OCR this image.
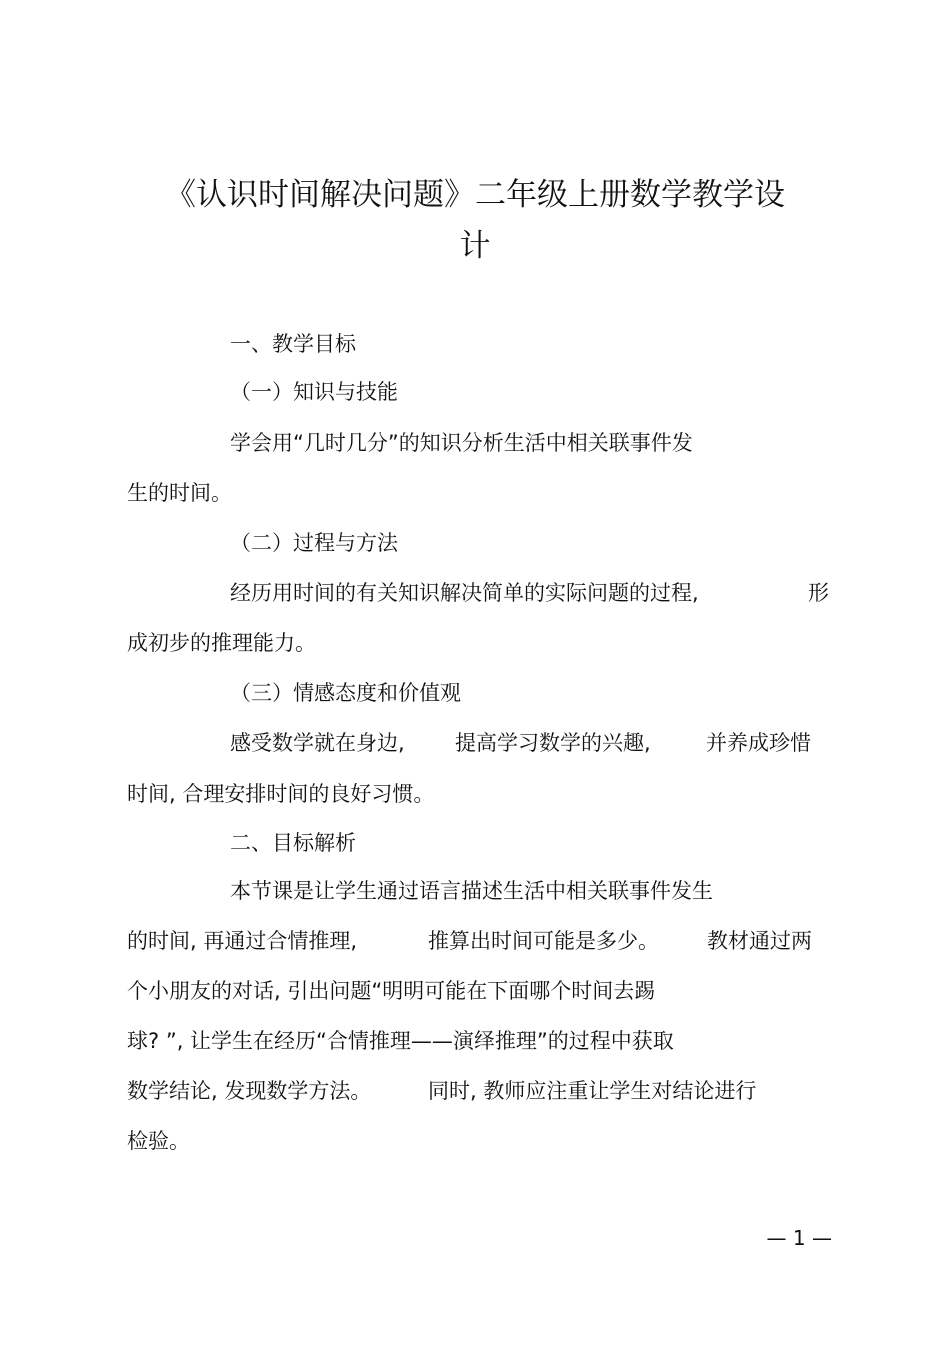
《认识时间解决问题》二年级上册数学教学设
计
一、教学目标
（一）知识与技能
学会用“几时几分”的知识分析生活中相关联事件发
生的时间。
（二）过程与方法
经历用时间的有关知识解决简单的实际问题的过程,	形
成初步的推理能力。
（三）情感态度和价值观
感受数学就在身边, 提高学习数学的兴趣,	并养成珍惜
时间, 合理安排时间的良好习惯。
二、目标解析
本节课是让学生通过语言描述生活中相关联事件发生
的时间, 再通过合情推理,	推算出时间可能是多少。 教材通过两
个小朋友的对话, 引出问题“明明可能在下面哪个时间去踢
球? ”, 让学生在经历“合情推理——演绎推理”的过程中获取
数学结论, 发现数学方法。	同时, 教师应注重让学生对结论进行
检验。
— 1 —
